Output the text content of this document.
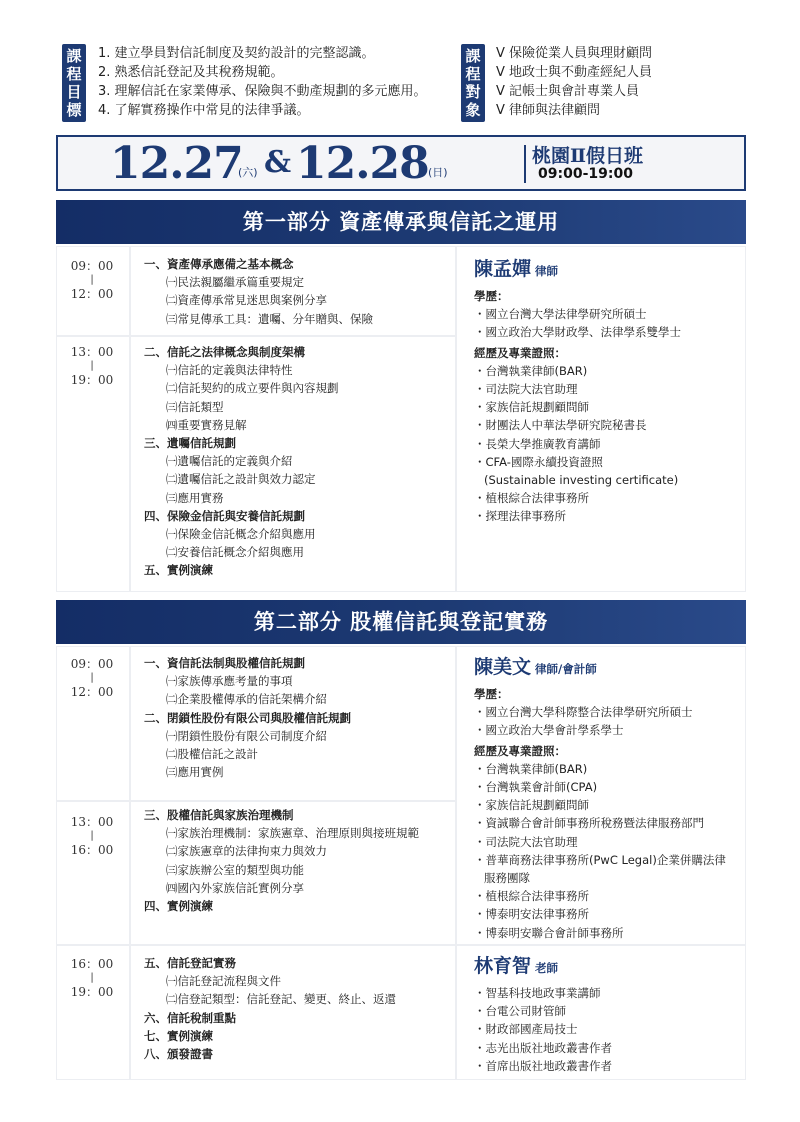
課
程
目
標
1. 建立學員對信託制度及契約設計的完整認識。
2. 熟悉信託登記及其稅務規範。
3. 理解信託在家業傳承、保險與不動產規劃的多元應用。
4. 了解實務操作中常見的法律爭議。
課
程
對
象
V 保險從業人員與理財顧問
V 地政士與不動產經紀人員
V 記帳士與會計專業人員
V 律師與法律顧問
12.27
(六) & 12.28 (日)
桃園Ⅱ假日班
09:00-19:00
第一部分 資產傳承與信託之運用
09：00
|
12：00
13：00
|
19：00
一、資產傳承應備之基本概念
㈠民法親屬繼承篇重要規定
㈡資產傳承常見迷思與案例分享
㈢常見傳承工具：遺囑、分年贈與、保險
二、信託之法律概念與制度架構
㈠信託的定義與法律特性
㈡信託契約的成立要件與內容規劃
㈢信託類型
㈣重要實務見解
三、遺囑信託規劃
㈠遺囑信託的定義與介紹
㈡遺囑信託之設計與效力認定
㈢應用實務
四、保險金信託與安養信託規劃
㈠保險金信託概念介紹與應用
㈡安養信託概念介紹與應用
五、實例演練
陳孟嬋 律師
學歷：
・ 國立台灣大學法律學研究所碩士
・ 國立政治大學財政學、法律學系雙學士
經歷及專業證照：
・ 台灣執業律師(BAR)
・ 司法院大法官助理
・ 家族信託規劃顧問師
・ 財團法人中華法學研究院秘書長
・ 長榮大學推廣教育講師
・ CFA-國際永續投資證照
(Sustainable investing certificate)
・ 植根綜合法律事務所
・ 探理法律事務所
第二部分 股權信託與登記實務
09：00
|
12：00
13：00
|
16：00
16：00
|
19：00
一、資信託法制與股權信託規劃
㈠家族傳承應考量的事項
㈡企業股權傳承的信託架構介紹
二、閉鎖性股份有限公司與股權信託規劃
㈠閉鎖性股份有限公司制度介紹
㈡股權信託之設計
㈢應用實例
三、股權信託與家族治理機制
㈠家族治理機制：家族憲章、治理原則與接班規範
㈡家族憲章的法律拘束力與效力
㈢家族辦公室的類型與功能
㈣國內外家族信託實例分享
四、實例演練
五、信託登記實務
㈠信託登記流程與文件
㈡信登記類型：信託登記、變更、終止、返還
六、信託稅制重點
七、實例演練
八、頒發證書
陳美文 律師/會計師
學歷：
・ 國立台灣大學科際整合法律學研究所碩士
・ 國立政治大學會計學系學士
經歷及專業證照：
・ 台灣執業律師(BAR)
・ 台灣執業會計師(CPA)
・ 家族信託規劃顧問師
・ 資誠聯合會計師事務所稅務暨法律服務部門
・ 司法院大法官助理
・ 普華商務法律事務所(PwC Legal)企業併購法律
服務團隊
・ 植根綜合法律事務所
・ 博泰明安法律事務所
・ 博泰明安聯合會計師事務所
林育智 老師
・ 智基科技地政事業講師
・ 台電公司財管師
・ 財政部國產局技士
・ 志光出版社地政叢書作者
・ 首席出版社地政叢書作者
